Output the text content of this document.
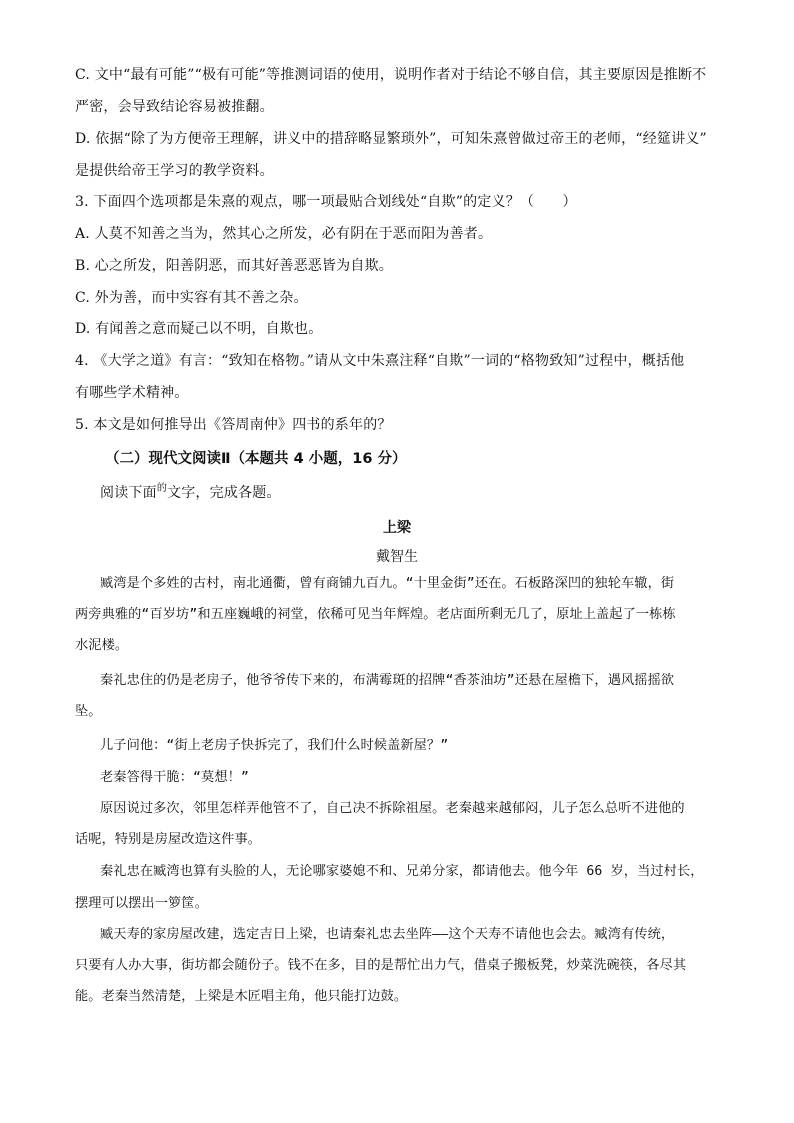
C. 文中“最有可能”“极有可能”等推测词语的使用，说明作者对于结论不够自信，其主要原因是推断不
严密，会导致结论容易被推翻。
D. 依据“除了为方便帝王理解，讲义中的措辞略显繁琐外”，可知朱熹曾做过帝王的老师，“经筵讲义”
是提供给帝王学习的教学资料。
3. 下面四个选项都是朱熹的观点，哪一项最贴合划线处“自欺”的定义？（　　）
A. 人莫不知善之当为，然其心之所发，必有阴在于恶而阳为善者。
B. 心之所发，阳善阴恶，而其好善恶恶皆为自欺。
C. 外为善，而中实容有其不善之杂。
D. 有闻善之意而疑己以不明，自欺也。
4. 《大学之道》有言：“致知在格物。”请从文中朱熹注释“自欺”一词的“格物致知”过程中，概括他
有哪些学术精神。
5. 本文是如何推导出《答周南仲》四书的系年的？
（二）现代文阅读Ⅱ（本题共 4 小题，16 分）
阅读下面$^的$文字，完成各题。
上梁
戴智生
臧湾是个多姓的古村，南北通衢，曾有商铺九百九。“十里金街”还在。石板路深凹的独轮车辙，街
两旁典雅的“百岁坊”和五座巍峨的祠堂，依稀可见当年辉煌。老店面所剩无几了，原址上盖起了一栋栋
水泥楼。
秦礼忠住的仍是老房子，他爷爷传下来的，布满霉斑的招牌“香茶油坊”还悬在屋檐下，遇风摇摇欲
坠。
儿子问他：“街上老房子快拆完了，我们什么时候盖新屋？”
老秦答得干脆：“莫想！”
原因说过多次，邻里怎样弄他管不了，自己决不拆除祖屋。老秦越来越郁闷，儿子怎么总听不进他的
话呢，特别是房屋改造这件事。
秦礼忠在臧湾也算有头脸的人，无论哪家婆媳不和、兄弟分家，都请他去。他今年 66 岁，当过村长，
摆理可以摆出一箩筐。
臧天寿的家房屋改建，选定吉日上梁，也请秦礼忠去坐阵——这个天寿不请他也会去。臧湾有传统，
只要有人办大事，街坊都会随份子。钱不在多，目的是帮忙出力气，借桌子搬板凳，炒菜洗碗筷，各尽其
能。老秦当然清楚，上梁是木匠唱主角，他只能打边鼓。
